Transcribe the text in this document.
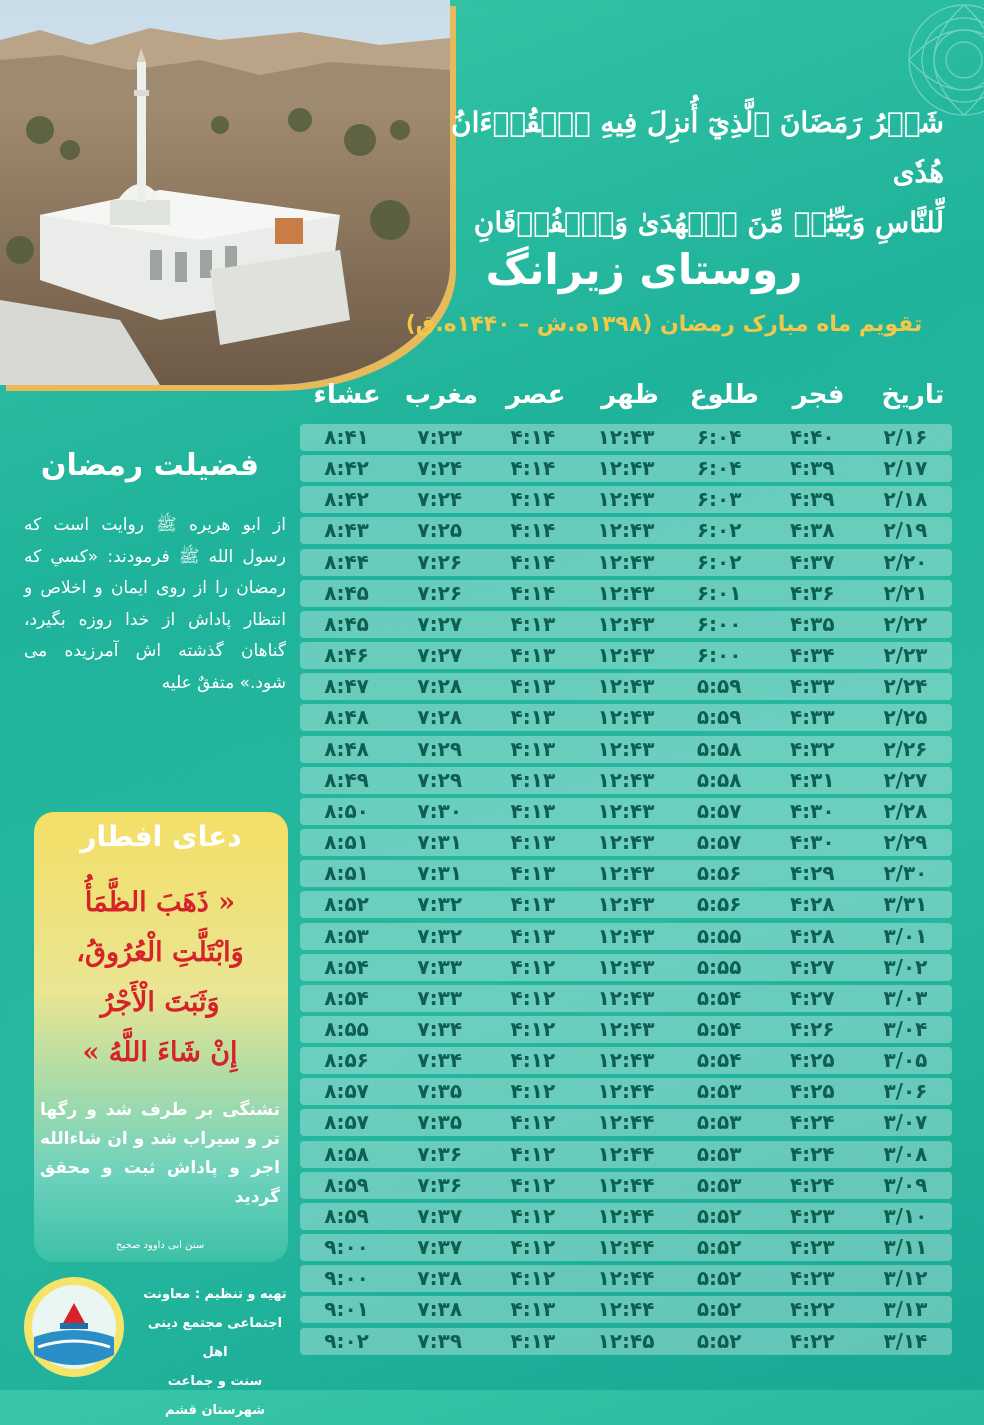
شَهۡرُ رَمَضَانَ ٱلَّذِيٓ أُنزِلَ فِيهِ ٱلۡقُرۡءَانُ هُدٗى
لِّلنَّاسِ وَبَيِّنَٰتٖ مِّنَ ٱلۡهُدَىٰ وَٱلۡفُرۡقَانِ
روستای زیرانگ
تقویم ماه مبارک رمضان (۱۳۹۸ه.ش – ۱۴۴۰ه.ق)
تاریخ
فجر
طلوع
ظهر
عصر
مغرب
عشاء
۲/۱۶
۴:۴۰
۶:۰۴
۱۲:۴۳
۴:۱۴
۷:۲۳
۸:۴۱
۲/۱۷
۴:۳۹
۶:۰۴
۱۲:۴۳
۴:۱۴
۷:۲۴
۸:۴۲
۲/۱۸
۴:۳۹
۶:۰۳
۱۲:۴۳
۴:۱۴
۷:۲۴
۸:۴۲
۲/۱۹
۴:۳۸
۶:۰۲
۱۲:۴۳
۴:۱۴
۷:۲۵
۸:۴۳
۲/۲۰
۴:۳۷
۶:۰۲
۱۲:۴۳
۴:۱۴
۷:۲۶
۸:۴۴
۲/۲۱
۴:۳۶
۶:۰۱
۱۲:۴۳
۴:۱۴
۷:۲۶
۸:۴۵
۲/۲۲
۴:۳۵
۶:۰۰
۱۲:۴۳
۴:۱۳
۷:۲۷
۸:۴۵
۲/۲۳
۴:۳۴
۶:۰۰
۱۲:۴۳
۴:۱۳
۷:۲۷
۸:۴۶
۲/۲۴
۴:۳۳
۵:۵۹
۱۲:۴۳
۴:۱۳
۷:۲۸
۸:۴۷
۲/۲۵
۴:۳۳
۵:۵۹
۱۲:۴۳
۴:۱۳
۷:۲۸
۸:۴۸
۲/۲۶
۴:۳۲
۵:۵۸
۱۲:۴۳
۴:۱۳
۷:۲۹
۸:۴۸
۲/۲۷
۴:۳۱
۵:۵۸
۱۲:۴۳
۴:۱۳
۷:۲۹
۸:۴۹
۲/۲۸
۴:۳۰
۵:۵۷
۱۲:۴۳
۴:۱۳
۷:۳۰
۸:۵۰
۲/۲۹
۴:۳۰
۵:۵۷
۱۲:۴۳
۴:۱۳
۷:۳۱
۸:۵۱
۲/۳۰
۴:۲۹
۵:۵۶
۱۲:۴۳
۴:۱۳
۷:۳۱
۸:۵۱
۳/۳۱
۴:۲۸
۵:۵۶
۱۲:۴۳
۴:۱۳
۷:۳۲
۸:۵۲
۳/۰۱
۴:۲۸
۵:۵۵
۱۲:۴۳
۴:۱۳
۷:۳۲
۸:۵۳
۳/۰۲
۴:۲۷
۵:۵۵
۱۲:۴۳
۴:۱۲
۷:۳۳
۸:۵۴
۳/۰۳
۴:۲۷
۵:۵۴
۱۲:۴۳
۴:۱۲
۷:۳۳
۸:۵۴
۳/۰۴
۴:۲۶
۵:۵۴
۱۲:۴۳
۴:۱۲
۷:۳۴
۸:۵۵
۳/۰۵
۴:۲۵
۵:۵۴
۱۲:۴۳
۴:۱۲
۷:۳۴
۸:۵۶
۳/۰۶
۴:۲۵
۵:۵۳
۱۲:۴۴
۴:۱۲
۷:۳۵
۸:۵۷
۳/۰۷
۴:۲۴
۵:۵۳
۱۲:۴۴
۴:۱۲
۷:۳۵
۸:۵۷
۳/۰۸
۴:۲۴
۵:۵۳
۱۲:۴۴
۴:۱۲
۷:۳۶
۸:۵۸
۳/۰۹
۴:۲۴
۵:۵۳
۱۲:۴۴
۴:۱۲
۷:۳۶
۸:۵۹
۳/۱۰
۴:۲۳
۵:۵۲
۱۲:۴۴
۴:۱۲
۷:۳۷
۸:۵۹
۳/۱۱
۴:۲۳
۵:۵۲
۱۲:۴۴
۴:۱۲
۷:۳۷
۹:۰۰
۳/۱۲
۴:۲۳
۵:۵۲
۱۲:۴۴
۴:۱۲
۷:۳۸
۹:۰۰
۳/۱۳
۴:۲۲
۵:۵۲
۱۲:۴۴
۴:۱۳
۷:۳۸
۹:۰۱
۳/۱۴
۴:۲۲
۵:۵۲
۱۲:۴۵
۴:۱۳
۷:۳۹
۹:۰۲
فضیلت رمضان
از ابو هریره ﷺ روایت است که رسول الله ﷺ فرمودند: «کسي که رمضان را از روی ایمان و اخلاص و انتظار پاداش از خدا روزه بگیرد، گناهان گذشته اش آمرزیده می شود.» متفقٌ علیه
دعای افطار
« ذَهَبَ الظَّمَأُ
وَابْتَلَّتِ الْعُرُوقُ،
وَثَبَتَ الْأَجْرُ
إِنْ شَاءَ اللَّهُ »
تشنگی بر طرف شد و رگها تر و سیراب شد و ان شاءالله اجر و پاداش ثبت و محقق گردید
سنن ابی داوود صحیح
تهیه و تنظیم : معاونت
اجتماعی مجتمع دینی اهل
سنت و جماعت شهرستان قشم
